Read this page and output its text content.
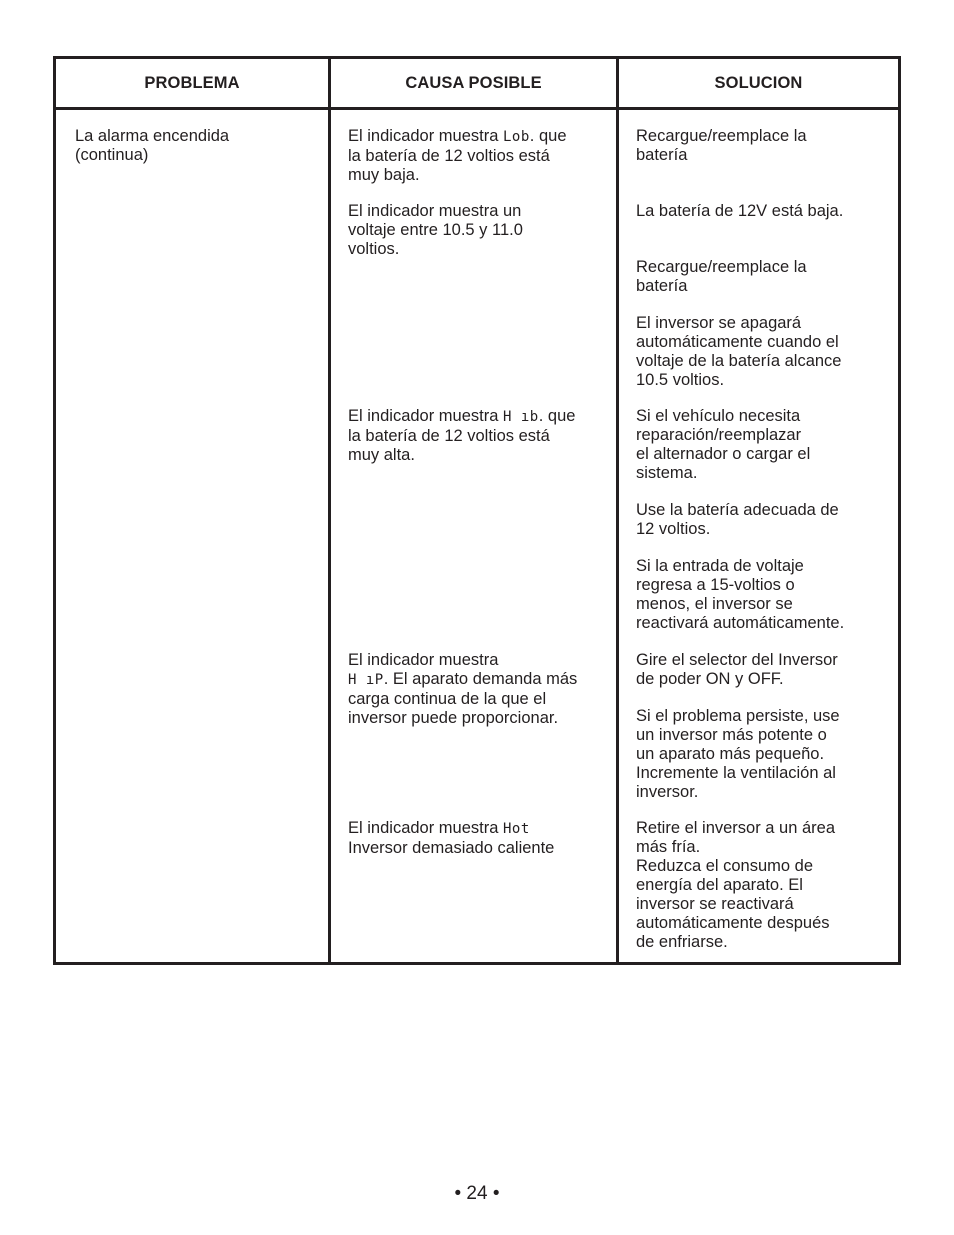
PROBLEMA	CAUSA POSIBLE	SOLUCION
La alarma encendida
(continua)
El indicador muestra Lob. que
la batería de 12 voltios está
muy baja.
El indicador muestra un
voltaje entre 10.5 y 11.0
voltios.
El indicador muestra H ıb. que
la batería de 12 voltios está
muy alta.
El indicador muestra
H ıP. El aparato demanda más
carga continua de la que el
inversor puede proporcionar.
El indicador muestra Hot
Inversor demasiado caliente
Recargue/reemplace la
batería
La batería de 12V está baja.
Recargue/reemplace la
batería
El inversor se apagará
automáticamente cuando el
voltaje de la batería alcance
10.5 voltios.
Si el vehículo necesita
reparación/reemplazar
el alternador o cargar el
sistema.
Use la batería adecuada de
12 voltios.
Si la entrada de voltaje
regresa a 15-voltios o
menos, el inversor se
reactivará automáticamente.
Gire el selector del Inversor
de poder ON y OFF.
Si el problema persiste, use
un inversor más potente o
un aparato más pequeño.
Incremente la ventilación al
inversor.
Retire el inversor a un área
más fría.
Reduzca el consumo de
energía del aparato. El
inversor se reactivará
automáticamente después
de enfriarse.
• 24 •
